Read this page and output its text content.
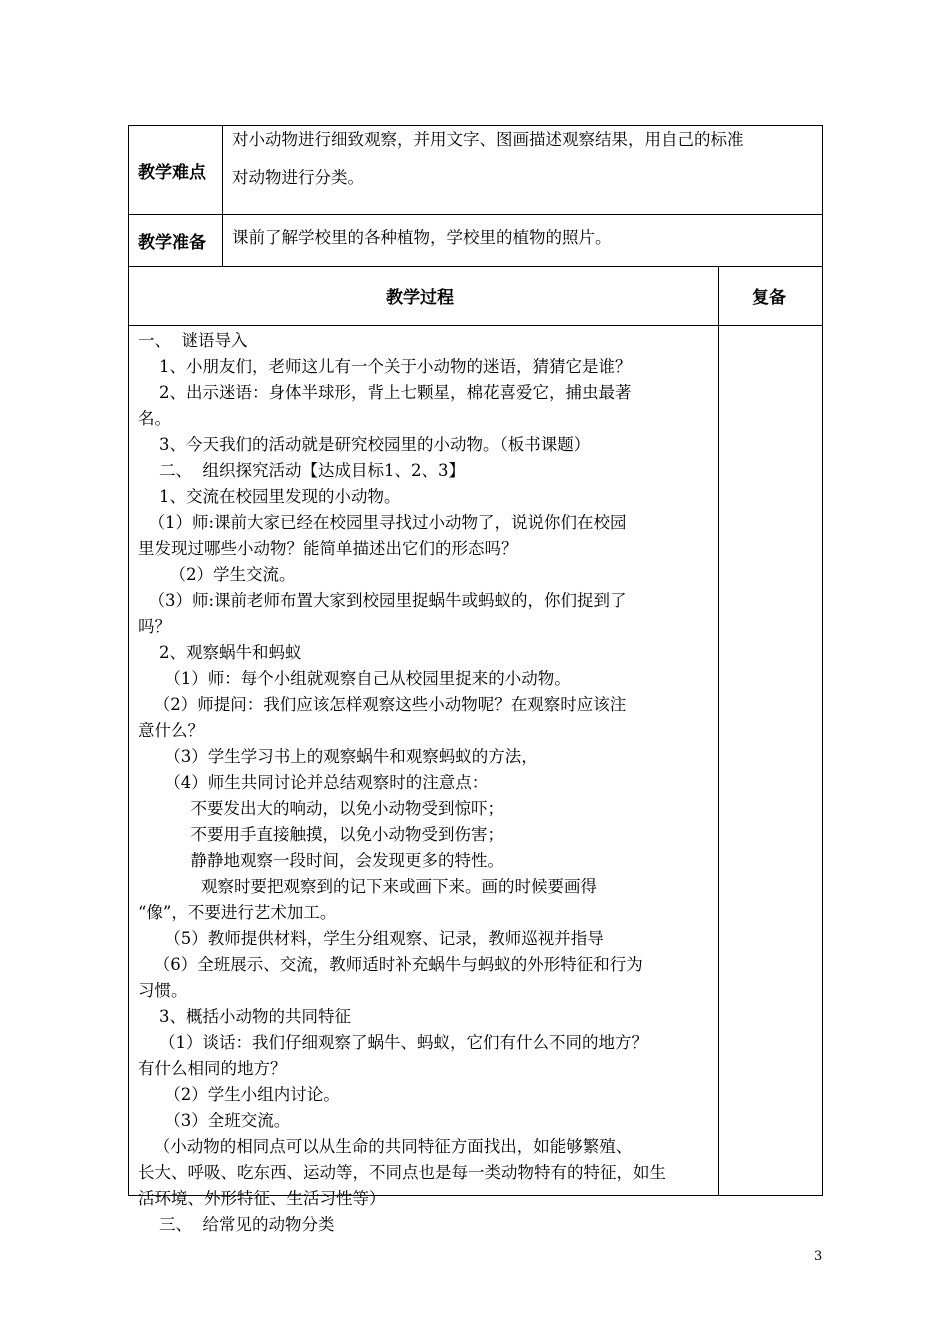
教学难点
对小动物进行细致观察，并用文字、图画描述观察结果，用自己的标准
对动物进行分类。
教学准备 课前了解学校里的各种植物，学校里的植物的照片。
教学过程	复备

一、  谜语导入

1、小朋友们，老师这儿有一个关于小动物的迷语，猜猜它是谁？

2、出示迷语：身体半球形，背上七颗星，棉花喜爱它，捕虫最著

名。

3、今天我们的活动就是研究校园里的小动物。（板书课题）

二、  组织探究活动【达成目标1、2、3】

1、交流在校园里发现的小动物。

（1）师:课前大家已经在校园里寻找过小动物了，说说你们在校园

里发现过哪些小动物？能简单描述出它们的形态吗？

（2）学生交流。

（3）师:课前老师布置大家到校园里捉蜗牛或蚂蚁的，你们捉到了

吗？

2、观察蜗牛和蚂蚁

（1）师：每个小组就观察自己从校园里捉来的小动物。

（2）师提问：我们应该怎样观察这些小动物呢？在观察时应该注

意什么？

（3）学生学习书上的观察蜗牛和观察蚂蚁的方法，

（4）师生共同讨论并总结观察时的注意点：

不要发出大的响动，以免小动物受到惊吓；

不要用手直接触摸，以免小动物受到伤害；

静静地观察一段时间，会发现更多的特性。

观察时要把观察到的记下来或画下来。画的时候要画得

“像”，不要进行艺术加工。

（5）教师提供材料，学生分组观察、记录，教师巡视并指导

（6）全班展示、交流，教师适时补充蜗牛与蚂蚁的外形特征和行为

习惯。

3、概括小动物的共同特征

（1）谈话：我们仔细观察了蜗牛、蚂蚁，它们有什么不同的地方？

有什么相同的地方？

（2）学生小组内讨论。

（3）全班交流。

（小动物的相同点可以从生命的共同特征方面找出，如能够繁殖、

长大、呼吸、吃东西、运动等，不同点也是每一类动物特有的特征，如生

活环境、外形特征、生活习性等）

三、  给常见的动物分类

3
